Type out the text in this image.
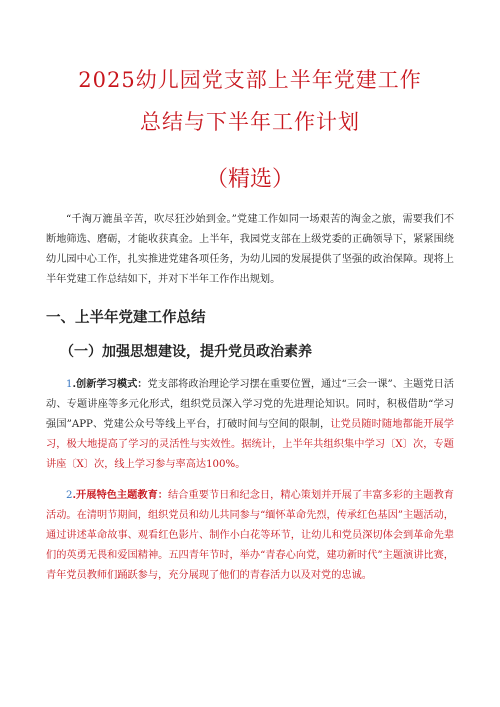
2025幼儿园党支部上半年党建工作
总结与下半年工作计划
（精选）

“千淘万漉虽辛苦，吹尽狂沙始到金。”党建工作如同一场艰苦的淘金之旅，需要我们不断地筛选、磨砺，才能收获真金。上半年，我园党支部在上级党委的正确领导下，紧紧围绕幼儿园中心工作，扎实推进党建各项任务，为幼儿园的发展提供了坚强的政治保障。现将上半年党建工作总结如下，并对下半年工作作出规划。

一、上半年党建工作总结
（一）加强思想建设，提升党员政治素养

1.创新学习模式：党支部将政治理论学习摆在重要位置，通过“三会一课”、主题党日活动、专题讲座等多元化形式，组织党员深入学习党的先进理论知识。同时，积极借助“学习强国”APP、党建公众号等线上平台，打破时间与空间的限制，让党员随时随地都能开展学习，极大地提高了学习的灵活性与实效性。据统计，上半年共组织集中学习〔X〕次，专题讲座〔X〕次，线上学习参与率高达100%。

2.开展特色主题教育：结合重要节日和纪念日，精心策划并开展了丰富多彩的主题教育活动。在清明节期间，组织党员和幼儿共同参与“缅怀革命先烈，传承红色基因”主题活动，通过讲述革命故事、观看红色影片、制作小白花等环节，让幼儿和党员深切体会到革命先辈们的英勇无畏和爱国精神。五四青年节时，举办“青春心向党，建功新时代”主题演讲比赛，青年党员教师们踊跃参与，充分展现了他们的青春活力以及对党的忠诚。
